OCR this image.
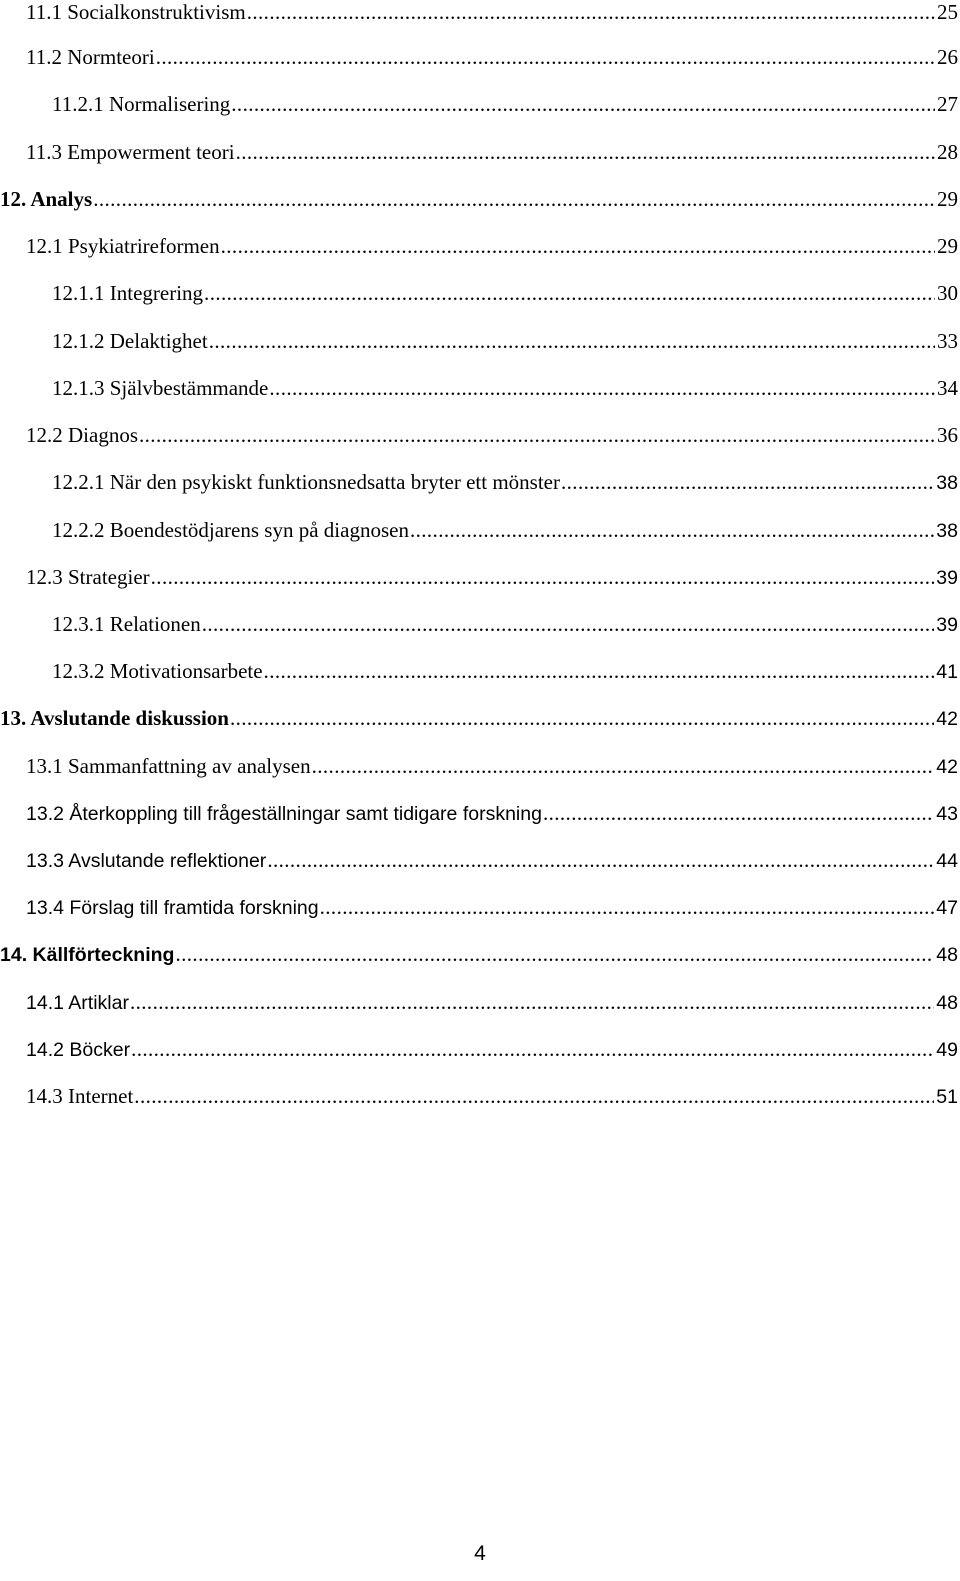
11.1 Socialkonstruktivism .....	25
11.2 Normteori .....	26
11.2.1 Normalisering .....	27
11.3 Empowerment teori .....	28
12. Analys .....	29
12.1 Psykiatrireformen .....	29
12.1.1 Integrering .....	30
12.1.2 Delaktighet .....	33
12.1.3 Självbestämmande .....	34
12.2 Diagnos .....	36
12.2.1 När den psykiskt funktionsnedsatta bryter ett mönster .....	38
12.2.2 Boendestödjarens syn på diagnosen .....	38
12.3 Strategier .....	39
12.3.1 Relationen .....	39
12.3.2 Motivationsarbete .....	41
13. Avslutande diskussion .....	42
13.1 Sammanfattning av analysen .....	42
13.2 Återkoppling till frågeställningar samt tidigare forskning .....	43
13.3 Avslutande reflektioner .....	44
13.4 Förslag till framtida forskning .....	47
14. Källförteckning .....	48
14.1 Artiklar .....	48
14.2 Böcker .....	49
14.3 Internet .....	51
4
